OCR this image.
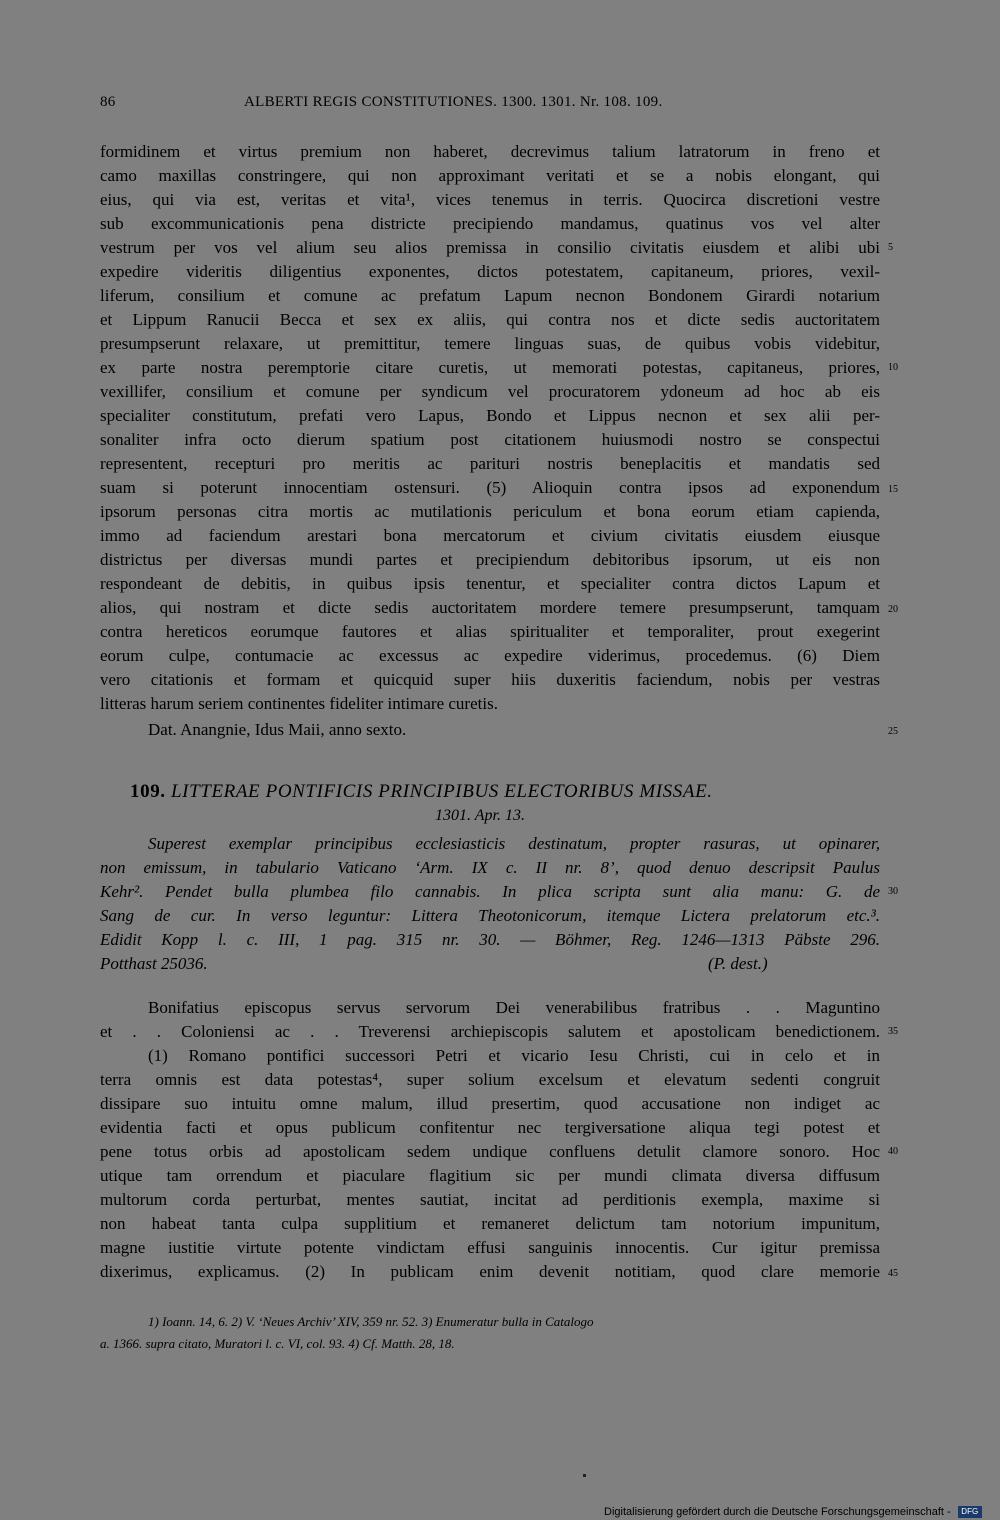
86	ALBERTI REGIS CONSTITUTIONES. 1300. 1301. Nr. 108. 109.
formidinem et virtus premium non haberet, decrevimus talium latratorum in freno et
camo maxillas constringere, qui non approximant veritati et se a nobis elongant, qui
eius, qui via est, veritas et vita¹, vices tenemus in terris. Quocirca discretioni vestre
sub excommunicationis pena districte precipiendo mandamus, quatinus vos vel alter
vestrum per vos vel alium seu alios premissa in consilio civitatis eiusdem et alibi ubi
expedire videritis diligentius exponentes, dictos potestatem, capitaneum, priores, vexil-
liferum, consilium et comune ac prefatum Lapum necnon Bondonem Girardi notarium
et Lippum Ranucii Becca et sex ex aliis, qui contra nos et dicte sedis auctoritatem
presumpserunt relaxare, ut premittitur, temere linguas suas, de quibus vobis videbitur,
ex parte nostra peremptorie citare curetis, ut memorati potestas, capitaneus, priores,
vexillifer, consilium et comune per syndicum vel procuratorem ydoneum ad hoc ab eis
specialiter constitutum, prefati vero Lapus, Bondo et Lippus necnon et sex alii per-
sonaliter infra octo dierum spatium post citationem huiusmodi nostro se conspectui
representent, recepturi pro meritis ac parituri nostris beneplacitis et mandatis sed
suam si poterunt innocentiam ostensuri. (5) Alioquin contra ipsos ad exponendum
ipsorum personas citra mortis ac mutilationis periculum et bona eorum etiam capienda,
immo ad faciendum arestari bona mercatorum et civium civitatis eiusdem eiusque
districtus per diversas mundi partes et precipiendum debitoribus ipsorum, ut eis non
respondeant de debitis, in quibus ipsis tenentur, et specialiter contra dictos Lapum et
alios, qui nostram et dicte sedis auctoritatem mordere temere presumpserunt, tamquam
contra hereticos eorumque fautores et alias spiritualiter et temporaliter, prout exegerint
eorum culpe, contumacie ac excessus ac expedire viderimus, procedemus. (6) Diem
vero citationis et formam et quicquid super hiis duxeritis faciendum, nobis per vestras
litteras harum seriem continentes fideliter intimare curetis.
Dat. Anangnie, Idus Maii, anno sexto.
5
10
15
20
25
109. LITTERAE PONTIFICIS PRINCIPIBUS ELECTORIBUS MISSAE.
1301. Apr. 13.
Superest exemplar principibus ecclesiasticis destinatum, propter rasuras, ut opinarer,
non emissum, in tabulario Vaticano ‘Arm. IX c. II nr. 8’, quod denuo descripsit Paulus
Kehr². Pendet bulla plumbea filo cannabis. In plica scripta sunt alia manu: G. de
Sang de cur. In verso leguntur: Littera Theotonicorum, itemque Lictera prelatorum etc.³.
Edidit Kopp l. c. III, 1 pag. 315 nr. 30. — Böhmer, Reg. 1246—1313 Päbste 296.
Potthast 25036.	(P. dest.)
Bonifatius episcopus servus servorum Dei venerabilibus fratribus . . Maguntino
et . . Coloniensi ac . . Treverensi archiepiscopis salutem et apostolicam benedictionem.
(1) Romano pontifici successori Petri et vicario Iesu Christi, cui in celo et in
terra omnis est data potestas⁴, super solium excelsum et elevatum sedenti congruit
dissipare suo intuitu omne malum, illud presertim, quod accusatione non indiget ac
evidentia facti et opus publicum confitentur nec tergiversatione aliqua tegi potest et
pene totus orbis ad apostolicam sedem undique confluens detulit clamore sonoro. Hoc
utique tam orrendum et piaculare flagitium sic per mundi climata diversa diffusum
multorum corda perturbat, mentes sautiat, incitat ad perditionis exempla, maxime si
non habeat tanta culpa supplitium et remaneret delictum tam notorium impunitum,
magne iustitie virtute potente vindictam effusi sanguinis innocentis. Cur igitur premissa
dixerimus, explicamus. (2) In publicam enim devenit notitiam, quod clare memorie
30
35
40
45
1) Ioann. 14, 6. 2) V. ‘Neues Archiv’ XIV, 359 nr. 52. 3) Enumeratur bulla in Catalogo
a. 1366. supra citato, Muratori l. c. VI, col. 93. 4) Cf. Matth. 28, 18.
Digitalisierung gefördert durch die Deutsche Forschungsgemeinschaft - DFG
